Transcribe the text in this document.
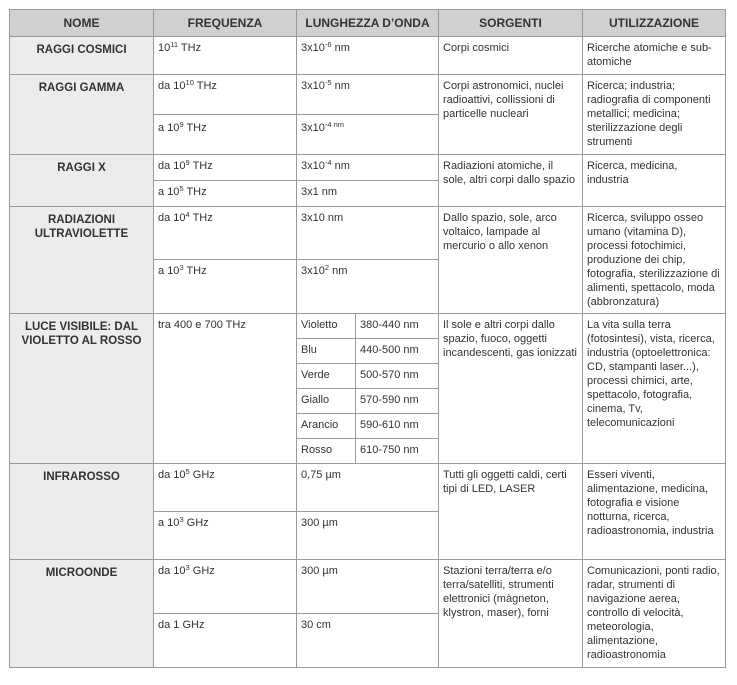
NOME	FREQUENZA	LUNGHEZZA D’ONDA		SORGENTI	UTILIZZAZIONE
RAGGI COSMICI	$10^{11}$ THz	$3x10^{-6}$ nm		Corpi cosmici	Ricerche atomiche e sub-atomiche
RAGGI GAMMA	da $10^{10}$ THz	$3x10^{-5}$ nm		Corpi astronomici, nuclei radioattivi, collissioni di particelle nucleari	Ricerca; industria; radiografia di componenti metallici; medicina; sterilizzazione degli strumenti
	a $10^9$ THz	$3x10^{-4 nm}$
RAGGI X	da $10^9$ THz	$3x10^{-4}$ nm		Radiazioni atomiche, il sole, altri corpi dallo spazio	Ricerca, medicina, industria
	a $10^5$ THz	3x1 nm			
RADIAZIONI ULTRAVIOLETTE	da $10^4$ THz	3x10 nm		Dallo spazio, sole, arco voltaico, lampade al mercurio o allo xenon	Ricerca, sviluppo osseo umano (vitamina D), processi fotochimici, produzione dei chip, fotografia, sterilizzazione di alimenti, spettacolo, moda (abbronzatura)
	a $10^3$ THz	$3x10^2$ nm			
LUCE VISIBILE: DAL VIOLETTO AL ROSSO	tra 400 e 700 THz	Violetto	380-440 nm	Il sole e altri corpi dallo spazio, fuoco, oggetti incandescenti, gas ionizzati	La vita sulla terra (fotosintesi), vista, ricerca, industria (optoelettronica: CD, stampanti laser...), processi chimici, arte, spettacolo, fotografia, cinema, Tv, telecomunicazioni
		Blu	440-500 nm		
		Verde	500-570 nm		
		Giallo	570-590 nm		
		Arancio	590-610 nm		
		Rosso	610-750 nm		
INFRAROSSO	da $10^5$ GHz	0,75 µm		Tutti gli oggetti caldi, certi tipi di LED, LASER	Esseri viventi, alimentazione, medicina, fotografia e visione notturna, ricerca, radioastronomia, industria
	a $10^3$ GHz	300 µm			
MICROONDE	da $10^3$ GHz	300 µm		Stazioni terra/terra e/o terra/satelliti, strumenti elettronici (màgneton, klystron, maser), forni	Comunicazioni, ponti radio, radar, strumenti di navigazione aerea, controllo di velocità, meteorologia, alimentazione, radioastronomia
	da 1 GHz	30 cm			
